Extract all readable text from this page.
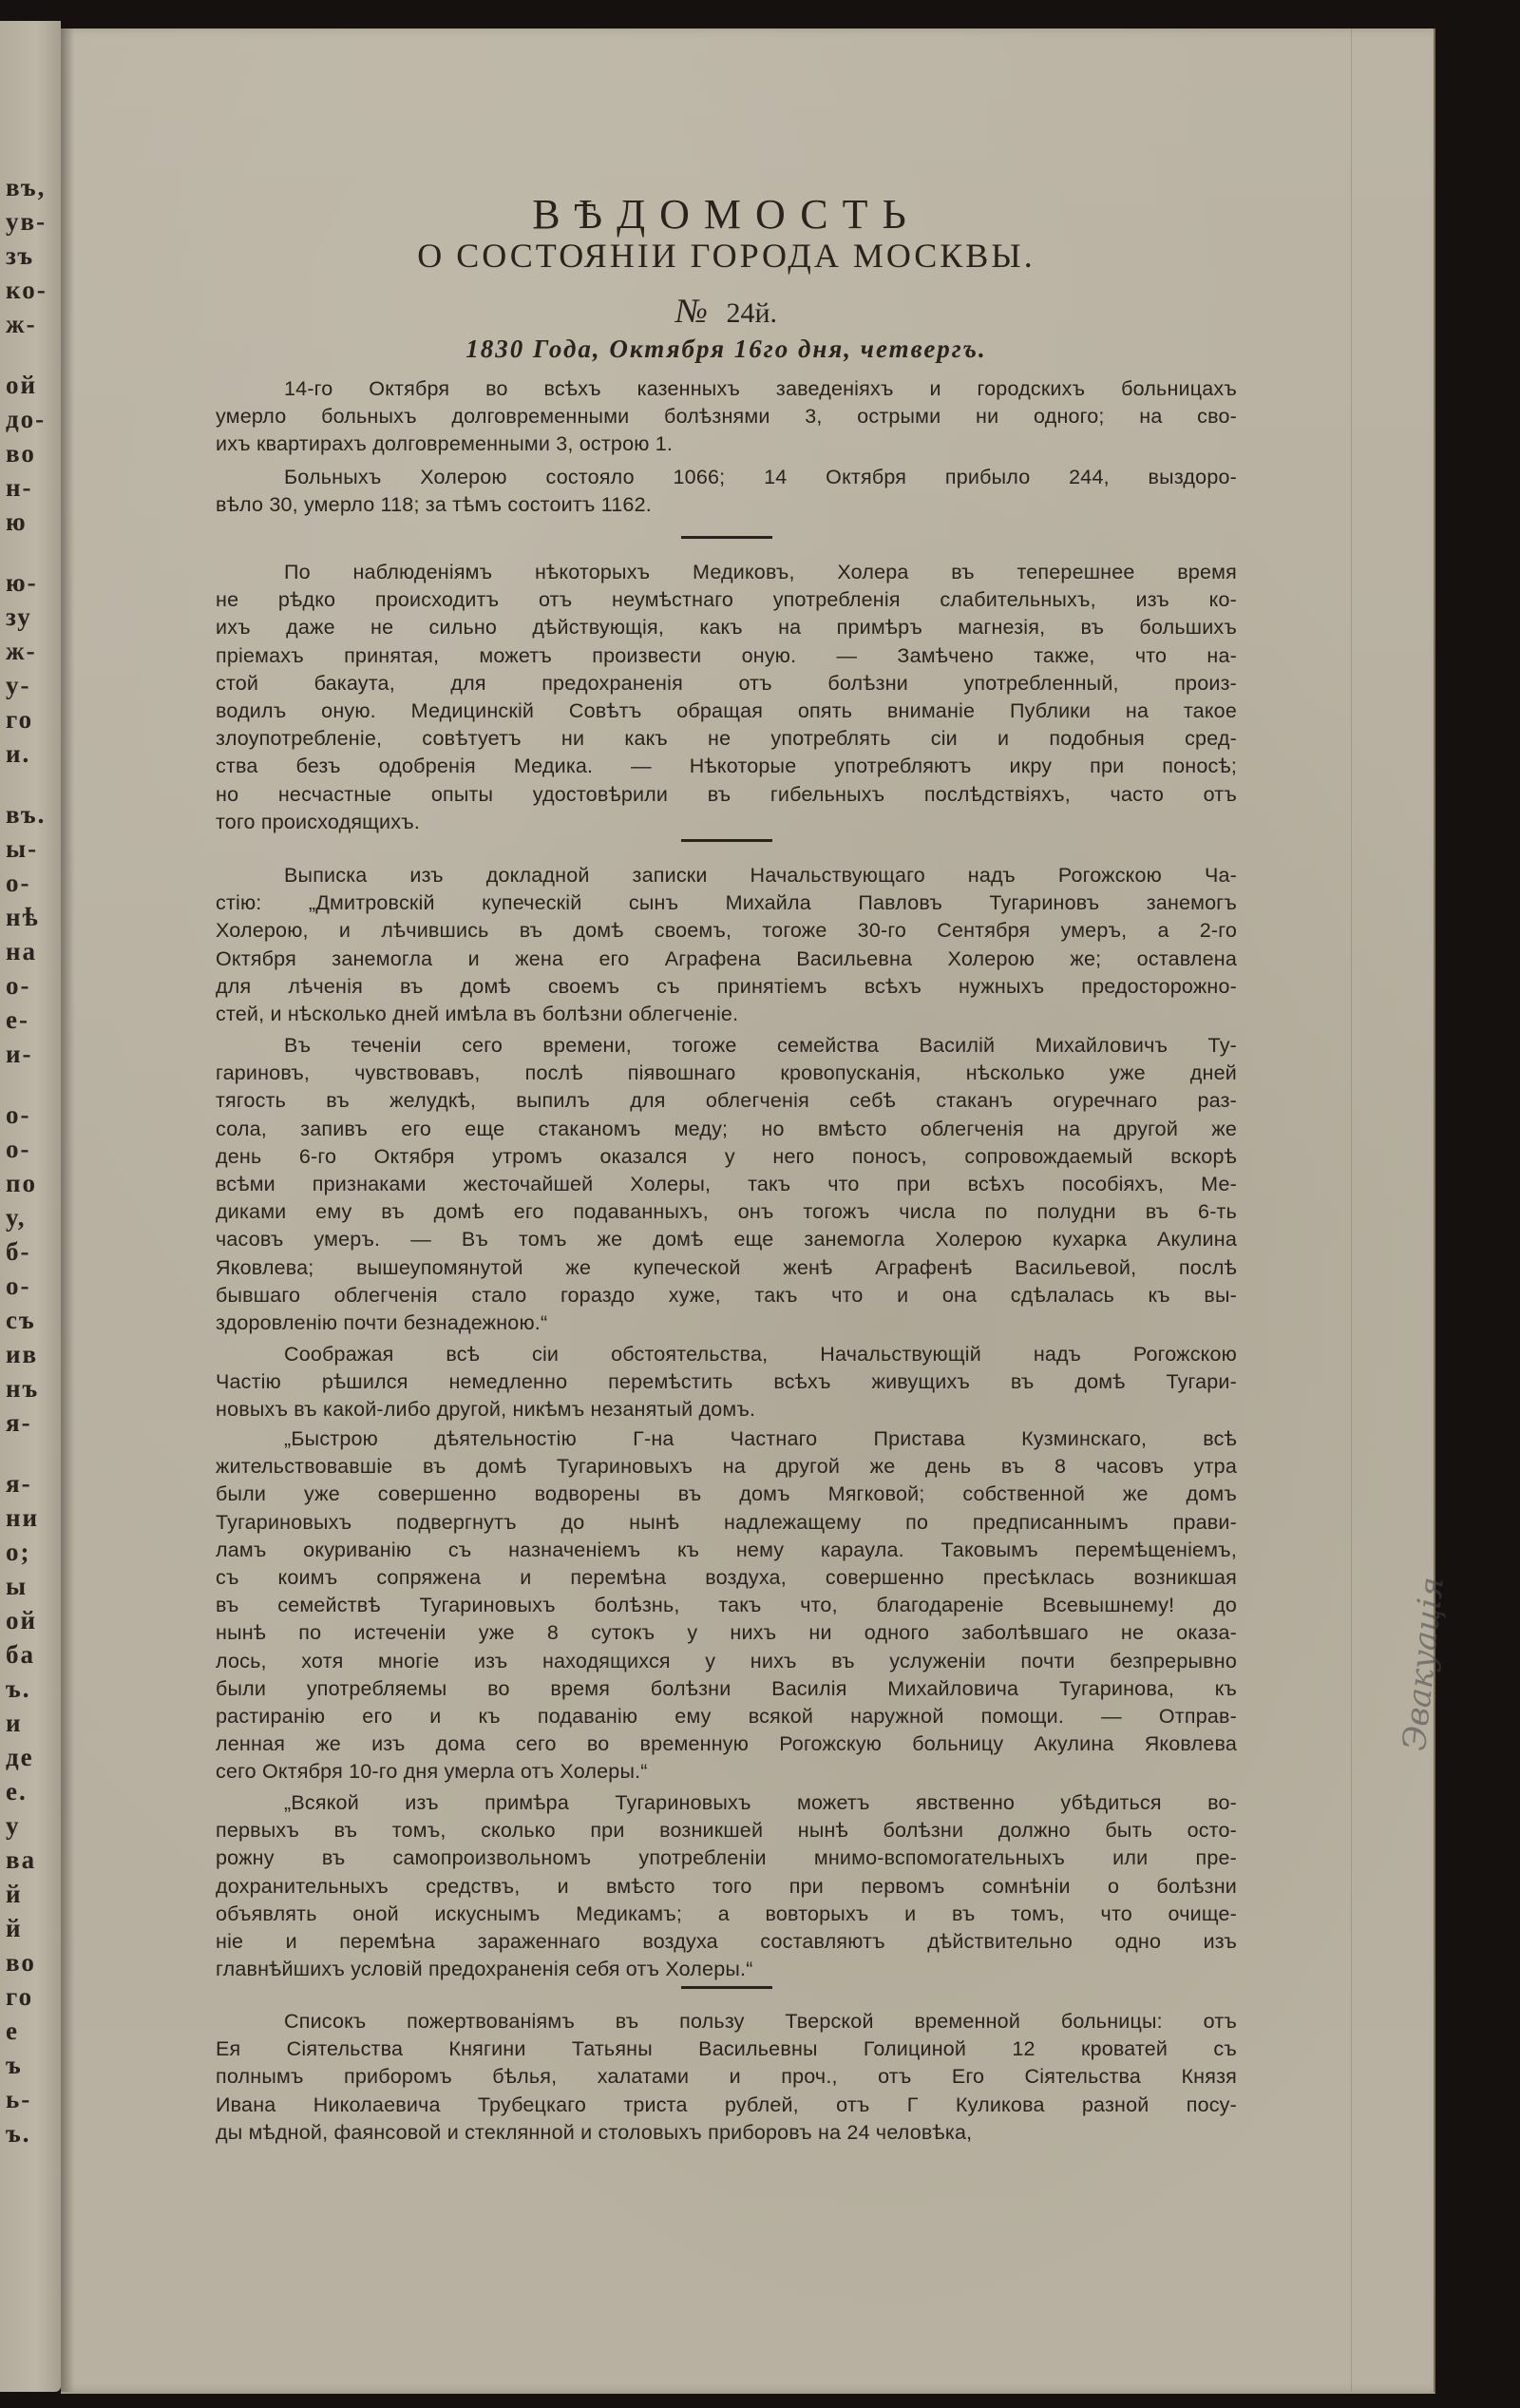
въ,
ув-
зъ
ко-
ж-
ой
до-
во
н-
ю
ю-
зу
ж-
у-
го
и.
въ.
ы-
о-
нѣ
на
о-
е-
и-
о-
о-
по
у,
б-
о-
съ
ив
нъ
я-
я-
ни
о;
ы
ой
ба
ъ.
и
де
е.
у
ва
й
й
во
го
е
ъ
ь-
ъ.
ВѢДОМОСТЬ
О СОСТОЯНІИ ГОРОДА МОСКВЫ.
№ 24й.
1830 Года, Октября 16го дня, четвергъ.
14-го Октября во всѣхъ казенныхъ заведеніяхъ и городскихъ больницахъ
умерло больныхъ долговременными болѣзнями 3, острыми ни одного; на сво-
ихъ квартирахъ долговременными 3, острою 1.
Больныхъ Холерою состояло 1066; 14 Октября прибыло 244, выздоро-
вѣло 30, умерло 118; за тѣмъ состоитъ 1162.
По наблюденіямъ нѣкоторыхъ Медиковъ, Холера въ теперешнее время
не рѣдко происходитъ отъ неумѣстнаго употребленія слабительныхъ, изъ ко-
ихъ даже не сильно дѣйствующія, какъ на примѣръ магнезія, въ большихъ
пріемахъ принятая, можетъ произвести оную. — Замѣчено также, что на-
стой бакаута, для предохраненія отъ болѣзни употребленный, произ-
водилъ оную. Медицинскій Совѣтъ обращая опять вниманіе Публики на такое
злоупотребленіе, совѣтуетъ ни какъ не употреблять сіи и подобныя сред-
ства безъ одобренія Медика. — Нѣкоторые употребляютъ икру при поносѣ;
но несчастные опыты удостовѣрили въ гибельныхъ послѣдствіяхъ, часто отъ
того происходящихъ.
Выписка изъ докладной записки Начальствующаго надъ Рогожскою Ча-
стію: „Дмитровскій купеческій сынъ Михайла Павловъ Тугариновъ занемогъ
Холерою, и лѣчившись въ домѣ своемъ, тогоже 30-го Сентября умеръ, а 2-го
Октября занемогла и жена его Аграфена Васильевна Холерою же; оставлена
для лѣченія въ домѣ своемъ съ принятіемъ всѣхъ нужныхъ предосторожно-
стей, и нѣсколько дней имѣла въ болѣзни облегченіе.
Въ теченіи сего времени, тогоже семейства Василій Михайловичъ Ту-
гариновъ, чувствовавъ, послѣ піявошнаго кровопусканія, нѣсколько уже дней
тягость въ желудкѣ, выпилъ для облегченія себѣ стаканъ огуречнаго раз-
сола, запивъ его еще стаканомъ меду; но вмѣсто облегченія на другой же
день 6-го Октября утромъ оказался у него поносъ, сопровождаемый вскорѣ
всѣми признаками жесточайшей Холеры, такъ что при всѣхъ пособіяхъ, Ме-
диками ему въ домѣ его подаванныхъ, онъ тогожъ числа по полудни въ 6-ть
часовъ умеръ. — Въ томъ же домѣ еще занемогла Холерою кухарка Акулина
Яковлева; вышеупомянутой же купеческой женѣ Аграфенѣ Васильевой, послѣ
бывшаго облегченія стало гораздо хуже, такъ что и она сдѣлалась къ вы-
здоровленію почти безнадежною.“
Соображая всѣ сіи обстоятельства, Начальствующій надъ Рогожскою
Частію рѣшился немедленно перемѣстить всѣхъ живущихъ въ домѣ Тугари-
новыхъ въ какой-либо другой, никѣмъ незанятый домъ.
„Быстрою дѣятельностію Г-на Частнаго Пристава Кузминскаго, всѣ
жительствовавшіе въ домѣ Тугариновыхъ на другой же день въ 8 часовъ утра
были уже совершенно водворены въ домъ Мягковой; собственной же домъ
Тугариновыхъ подвергнутъ до нынѣ надлежащему по предписаннымъ прави-
ламъ окуриванію съ назначеніемъ къ нему караула. Таковымъ перемѣщеніемъ,
съ коимъ сопряжена и перемѣна воздуха, совершенно пресѣклась возникшая
въ семействѣ Тугариновыхъ болѣзнь, такъ что, благодареніе Всевышнему! до
нынѣ по истеченіи уже 8 сутокъ у нихъ ни одного заболѣвшаго не оказа-
лось, хотя многіе изъ находящихся у нихъ въ услуженіи почти безпрерывно
были употребляемы во время болѣзни Василія Михайловича Тугаринова, къ
растиранію его и къ подаванію ему всякой наружной помощи. — Отправ-
ленная же изъ дома сего во временную Рогожскую больницу Акулина Яковлева
сего Октября 10-го дня умерла отъ Холеры.“
„Всякой изъ примѣра Тугариновыхъ можетъ явственно убѣдиться во-
первыхъ въ томъ, сколько при возникшей нынѣ болѣзни должно быть осто-
рожну въ самопроизвольномъ употребленіи мнимо-вспомогательныхъ или пре-
дохранительныхъ средствъ, и вмѣсто того при первомъ сомнѣніи о болѣзни
объявлять оной искуснымъ Медикамъ; а вовторыхъ и въ томъ, что очище-
ніе и перемѣна зараженнаго воздуха составляютъ дѣйствительно одно изъ
главнѣйшихъ условій предохраненія себя отъ Холеры.“
Списокъ пожертвованіямъ въ пользу Тверской временной больницы: отъ
Ея Сіятельства Княгини Татьяны Васильевны Голициной 12 кроватей съ
полнымъ приборомъ бѣлья, халатами и проч., отъ Его Сіятельства Князя
Ивана Николаевича Трубецкаго триста рублей, отъ Г Куликова разной посу-
ды мѣдной, фаянсовой и стеклянной и столовыхъ приборовъ на 24 человѣка,
Эвакуацiя
